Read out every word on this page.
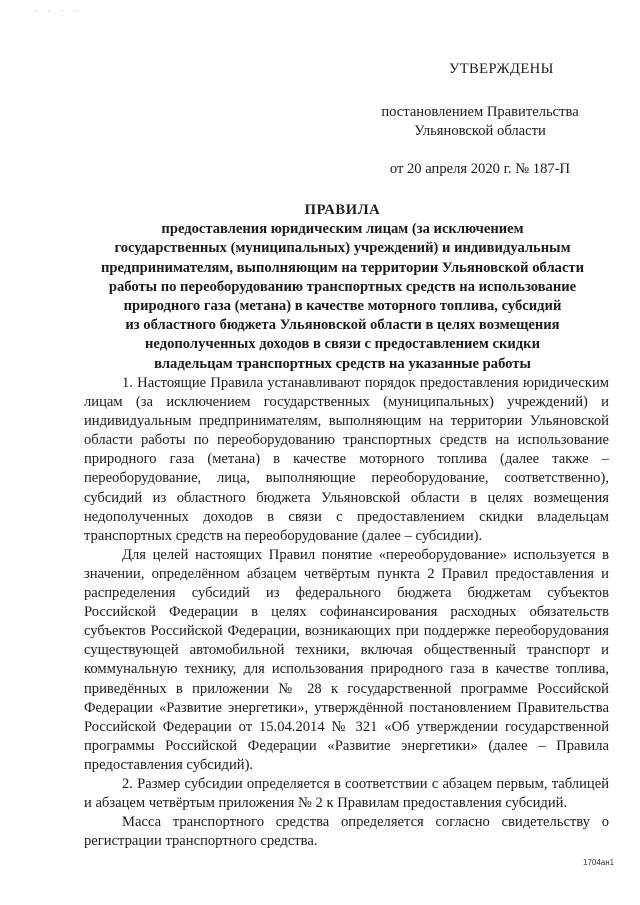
· · · ·
УТВЕРЖДЕНЫ
постановлением Правительства
Ульяновской области
от 20 апреля 2020 г. № 187-П
ПРАВИЛА
предоставления юридическим лицам (за исключением
государственных (муниципальных) учреждений) и индивидуальным
предпринимателям, выполняющим на территории Ульяновской области
работы по переоборудованию транспортных средств на использование
природного газа (метана) в качестве моторного топлива, субсидий
из областного бюджета Ульяновской области в целях возмещения
недополученных доходов в связи с предоставлением скидки
владельцам транспортных средств на указанные работы

1. Настоящие Правила устанавливают порядок предоставления юридическим лицам (за исключением государственных (муниципальных) учреждений) и индивидуальным предпринимателям, выполняющим на территории Ульяновской области работы по переоборудованию транспортных средств на использование природного газа (метана) в качестве моторного топлива (далее также – переоборудование, лица, выполняющие переоборудование, соответственно), субсидий из областного бюджета Ульяновской области в целях возмещения недополученных доходов в связи с предоставлением скидки владельцам транспортных средств на переоборудование (далее – субсидии).

Для целей настоящих Правил понятие «переоборудование» используется в значении, определённом абзацем четвёртым пункта 2 Правил предоставления и распределения субсидий из федерального бюджета бюджетам субъектов Российской Федерации в целях софинансирования расходных обязательств субъектов Российской Федерации, возникающих при поддержке переоборудования существующей автомобильной техники, включая общественный транспорт и коммунальную технику, для использования природного газа в качестве топлива, приведённых в приложении № 28 к государственной программе Российской Федерации «Развитие энергетики», утверждённой постановлением Правительства Российской Федерации от 15.04.2014 № 321 «Об утверждении государственной программы Российской Федерации «Развитие энергетики» (далее – Правила предоставления субсидий).

2. Размер субсидии определяется в соответствии с абзацем первым, таблицей и абзацем четвёртым приложения № 2 к Правилам предоставления субсидий.

Масса транспортного средства определяется согласно свидетельству о регистрации транспортного средства.

1704ан1
